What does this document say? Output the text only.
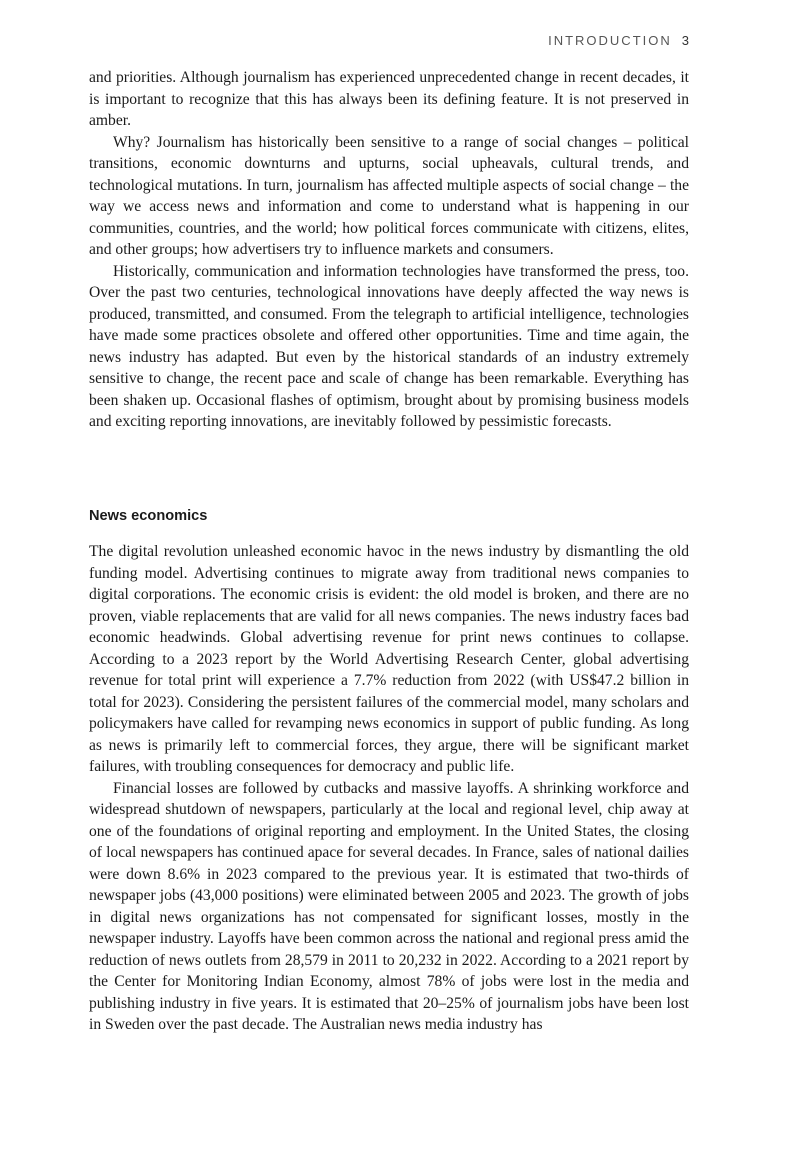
INTRODUCTION 3

and priorities. Although journalism has experienced unprecedented change in recent decades, it is important to recognize that this has always been its defining feature. It is not preserved in amber.

Why? Journalism has historically been sensitive to a range of social changes – political transitions, economic downturns and upturns, social upheavals, cultural trends, and technological mutations. In turn, journalism has affected multiple aspects of social change – the way we access news and information and come to understand what is happening in our communities, countries, and the world; how political forces communicate with citizens, elites, and other groups; how advertisers try to influence markets and consumers.

Historically, communication and information technologies have transformed the press, too. Over the past two centuries, technological innovations have deeply affected the way news is produced, transmitted, and consumed. From the telegraph to artificial intelligence, technologies have made some practices obsolete and offered other opportunities. Time and time again, the news industry has adapted. But even by the historical standards of an industry extremely sensitive to change, the recent pace and scale of change has been remarkable. Everything has been shaken up. Occasional flashes of optimism, brought about by promising business models and exciting reporting innovations, are inevitably followed by pessimistic forecasts.

News economics

The digital revolution unleashed economic havoc in the news industry by dismantling the old funding model. Advertising continues to migrate away from traditional news companies to digital corporations. The economic crisis is evident: the old model is broken, and there are no proven, viable replacements that are valid for all news companies. The news industry faces bad economic headwinds. Global advertising revenue for print news continues to collapse. According to a 2023 report by the World Advertising Research Center, global advertising revenue for total print will experience a 7.7% reduction from 2022 (with US$47.2 billion in total for 2023). Considering the persistent failures of the commercial model, many scholars and policymakers have called for revamping news economics in support of public funding. As long as news is primarily left to commercial forces, they argue, there will be significant market failures, with troubling consequences for democracy and public life.

Financial losses are followed by cutbacks and massive layoffs. A shrinking workforce and widespread shutdown of newspapers, particularly at the local and regional level, chip away at one of the foundations of original reporting and employment. In the United States, the closing of local newspapers has continued apace for several decades. In France, sales of national dailies were down 8.6% in 2023 compared to the previous year. It is estimated that two-thirds of newspaper jobs (43,000 positions) were eliminated between 2005 and 2023. The growth of jobs in digital news organizations has not compensated for significant losses, mostly in the newspaper industry. Layoffs have been common across the national and regional press amid the reduction of news outlets from 28,579 in 2011 to 20,232 in 2022. According to a 2021 report by the Center for Monitoring Indian Economy, almost 78% of jobs were lost in the media and publishing industry in five years. It is estimated that 20–25% of journalism jobs have been lost in Sweden over the past decade. The Australian news media industry has
